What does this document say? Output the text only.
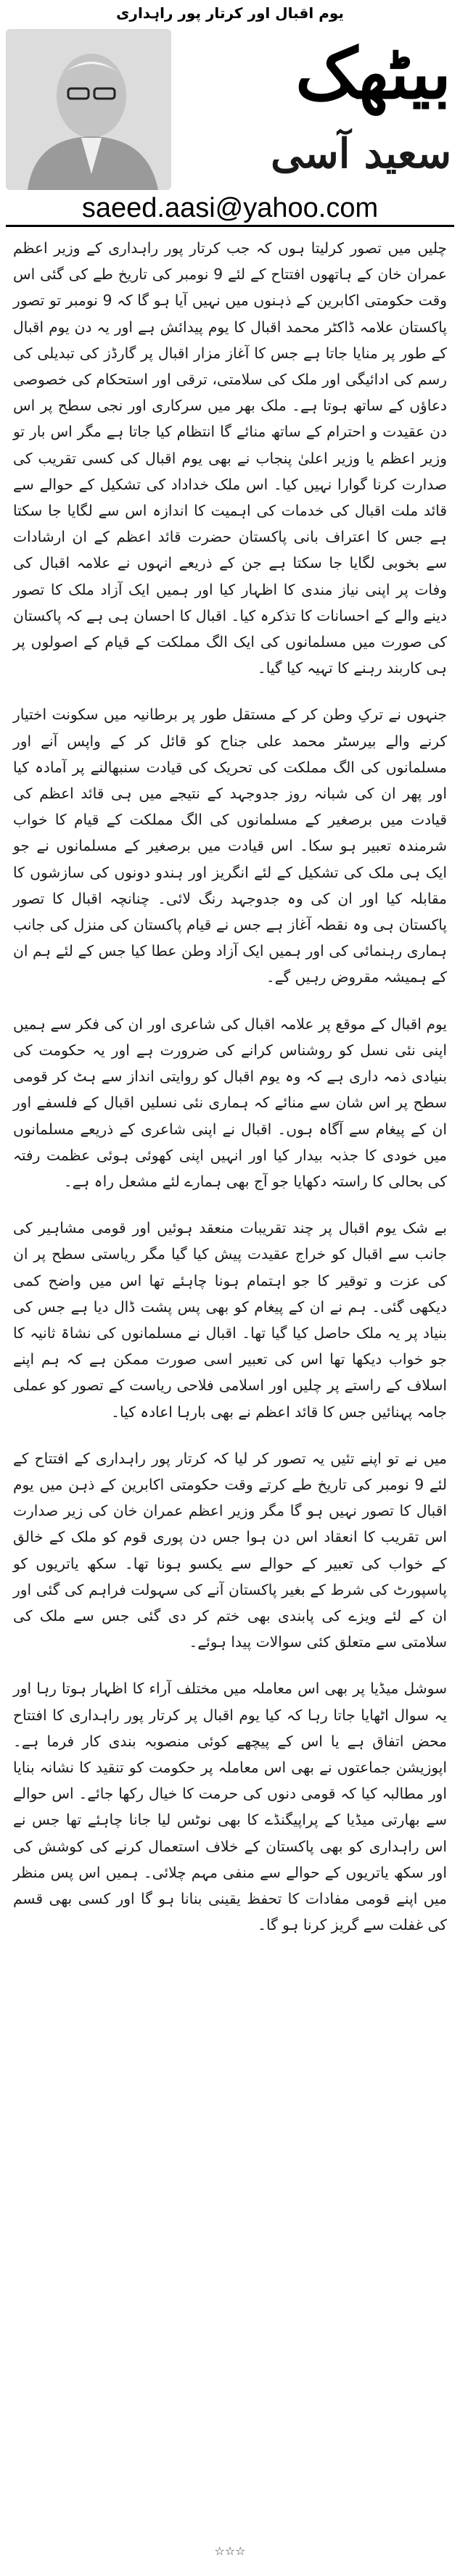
یوم اقبال اور کرتار پور راہداری
بیٹھک
سعید آسی
saeed.aasi@yahoo.com

چلیں میں تصور کرلیتا ہوں کہ جب کرتار پور راہداری کے وزیر اعظم عمران خان کے ہاتھوں افتتاح کے لئے 9 نومبر کی تاریخ طے کی گئی اس وقت حکومتی اکابرین کے ذہنوں میں نہیں آیا ہو گا کہ 9 نومبر تو تصور پاکستان علامہ ڈاکٹر محمد اقبال کا یوم پیدائش ہے اور یہ دن یوم اقبال کے طور پر منایا جاتا ہے جس کا آغاز مزار اقبال پر گارڈز کی تبدیلی کی رسم کی ادائیگی اور ملک کی سلامتی، ترقی اور استحکام کی خصوصی دعاؤں کے ساتھ ہوتا ہے۔ ملک بھر میں سرکاری اور نجی سطح پر اس دن عقیدت و احترام کے ساتھ منائے گا انتظام کیا جاتا ہے مگر اس بار تو وزیر اعظم یا وزیر اعلیٰ پنجاب نے بھی یوم اقبال کی کسی تقریب کی صدارت کرنا گوارا نہیں کیا۔ اس ملک خداداد کی تشکیل کے حوالے سے قائد ملت اقبال کی خدمات کی اہمیت کا اندازہ اس سے لگایا جا سکتا ہے جس کا اعتراف بانی پاکستان حضرت قائد اعظم کے ان ارشادات سے بخوبی لگایا جا سکتا ہے جن کے ذریعے انہوں نے علامہ اقبال کی وفات پر اپنی نیاز مندی کا اظہار کیا اور ہمیں ایک آزاد ملک کا تصور دینے والے کے احسانات کا تذکرہ کیا۔ اقبال کا احسان ہی ہے کہ پاکستان کی صورت میں مسلمانوں کی ایک الگ مملکت کے قیام کے اصولوں پر ہی کاربند رہنے کا تہیہ کیا گیا۔

جنہوں نے ترکِ وطن کر کے مستقل طور پر برطانیہ میں سکونت اختیار کرنے والے بیرسٹر محمد علی جناح کو قائل کر کے واپس آنے اور مسلمانوں کی الگ مملکت کی تحریک کی قیادت سنبھالنے پر آمادہ کیا اور پھر ان کی شبانہ روز جدوجہد کے نتیجے میں ہی قائد اعظم کی قیادت میں برصغیر کے مسلمانوں کی الگ مملکت کے قیام کا خواب شرمندہ تعبیر ہو سکا۔ اس قیادت میں برصغیر کے مسلمانوں نے جو ایک ہی ملک کی تشکیل کے لئے انگریز اور ہندو دونوں کی سازشوں کا مقابلہ کیا اور ان کی وہ جدوجہد رنگ لائی۔ چنانچہ اقبال کا تصور پاکستان ہی وہ نقطہ آغاز ہے جس نے قیام پاکستان کی منزل کی جانب ہماری رہنمائی کی اور ہمیں ایک آزاد وطن عطا کیا جس کے لئے ہم ان کے ہمیشہ مقروض رہیں گے۔

یوم اقبال کے موقع پر علامہ اقبال کی شاعری اور ان کی فکر سے ہمیں اپنی نئی نسل کو روشناس کرانے کی ضرورت ہے اور یہ حکومت کی بنیادی ذمہ داری ہے کہ وہ یوم اقبال کو روایتی انداز سے ہٹ کر قومی سطح پر اس شان سے منائے کہ ہماری نئی نسلیں اقبال کے فلسفے اور ان کے پیغام سے آگاہ ہوں۔ اقبال نے اپنی شاعری کے ذریعے مسلمانوں میں خودی کا جذبہ بیدار کیا اور انہیں اپنی کھوئی ہوئی عظمت رفتہ کی بحالی کا راستہ دکھایا جو آج بھی ہمارے لئے مشعل راہ ہے۔

بے شک یوم اقبال پر چند تقریبات منعقد ہوئیں اور قومی مشاہیر کی جانب سے اقبال کو خراج عقیدت پیش کیا گیا مگر ریاستی سطح پر ان کی عزت و توقیر کا جو اہتمام ہونا چاہئے تھا اس میں واضح کمی دیکھی گئی۔ ہم نے ان کے پیغام کو بھی پس پشت ڈال دیا ہے جس کی بنیاد پر یہ ملک حاصل کیا گیا تھا۔ اقبال نے مسلمانوں کی نشاۃ ثانیہ کا جو خواب دیکھا تھا اس کی تعبیر اسی صورت ممکن ہے کہ ہم اپنے اسلاف کے راستے پر چلیں اور اسلامی فلاحی ریاست کے تصور کو عملی جامہ پہنائیں جس کا قائد اعظم نے بھی بارہا اعادہ کیا۔

میں نے تو اپنے تئیں یہ تصور کر لیا کہ کرتار پور راہداری کے افتتاح کے لئے 9 نومبر کی تاریخ طے کرتے وقت حکومتی اکابرین کے ذہن میں یوم اقبال کا تصور نہیں ہو گا مگر وزیر اعظم عمران خان کی زیر صدارت اس تقریب کا انعقاد اس دن ہوا جس دن پوری قوم کو ملک کے خالق کے خواب کی تعبیر کے حوالے سے یکسو ہونا تھا۔ سکھ یاتریوں کو پاسپورٹ کی شرط کے بغیر پاکستان آنے کی سہولت فراہم کی گئی اور ان کے لئے ویزے کی پابندی بھی ختم کر دی گئی جس سے ملک کی سلامتی سے متعلق کئی سوالات پیدا ہوئے۔

سوشل میڈیا پر بھی اس معاملہ میں مختلف آراء کا اظہار ہوتا رہا اور یہ سوال اٹھایا جاتا رہا کہ کیا یوم اقبال پر کرتار پور راہداری کا افتتاح محض اتفاق ہے یا اس کے پیچھے کوئی منصوبہ بندی کار فرما ہے۔ اپوزیشن جماعتوں نے بھی اس معاملہ پر حکومت کو تنقید کا نشانہ بنایا اور مطالبہ کیا کہ قومی دنوں کی حرمت کا خیال رکھا جائے۔ اس حوالے سے بھارتی میڈیا کے پراپیگنڈے کا بھی نوٹس لیا جانا چاہئے تھا جس نے اس راہداری کو بھی پاکستان کے خلاف استعمال کرنے کی کوشش کی اور سکھ یاتریوں کے حوالے سے منفی مہم چلائی۔ ہمیں اس پس منظر میں اپنے قومی مفادات کا تحفظ یقینی بنانا ہو گا اور کسی بھی قسم کی غفلت سے گریز کرنا ہو گا۔

☆☆☆
